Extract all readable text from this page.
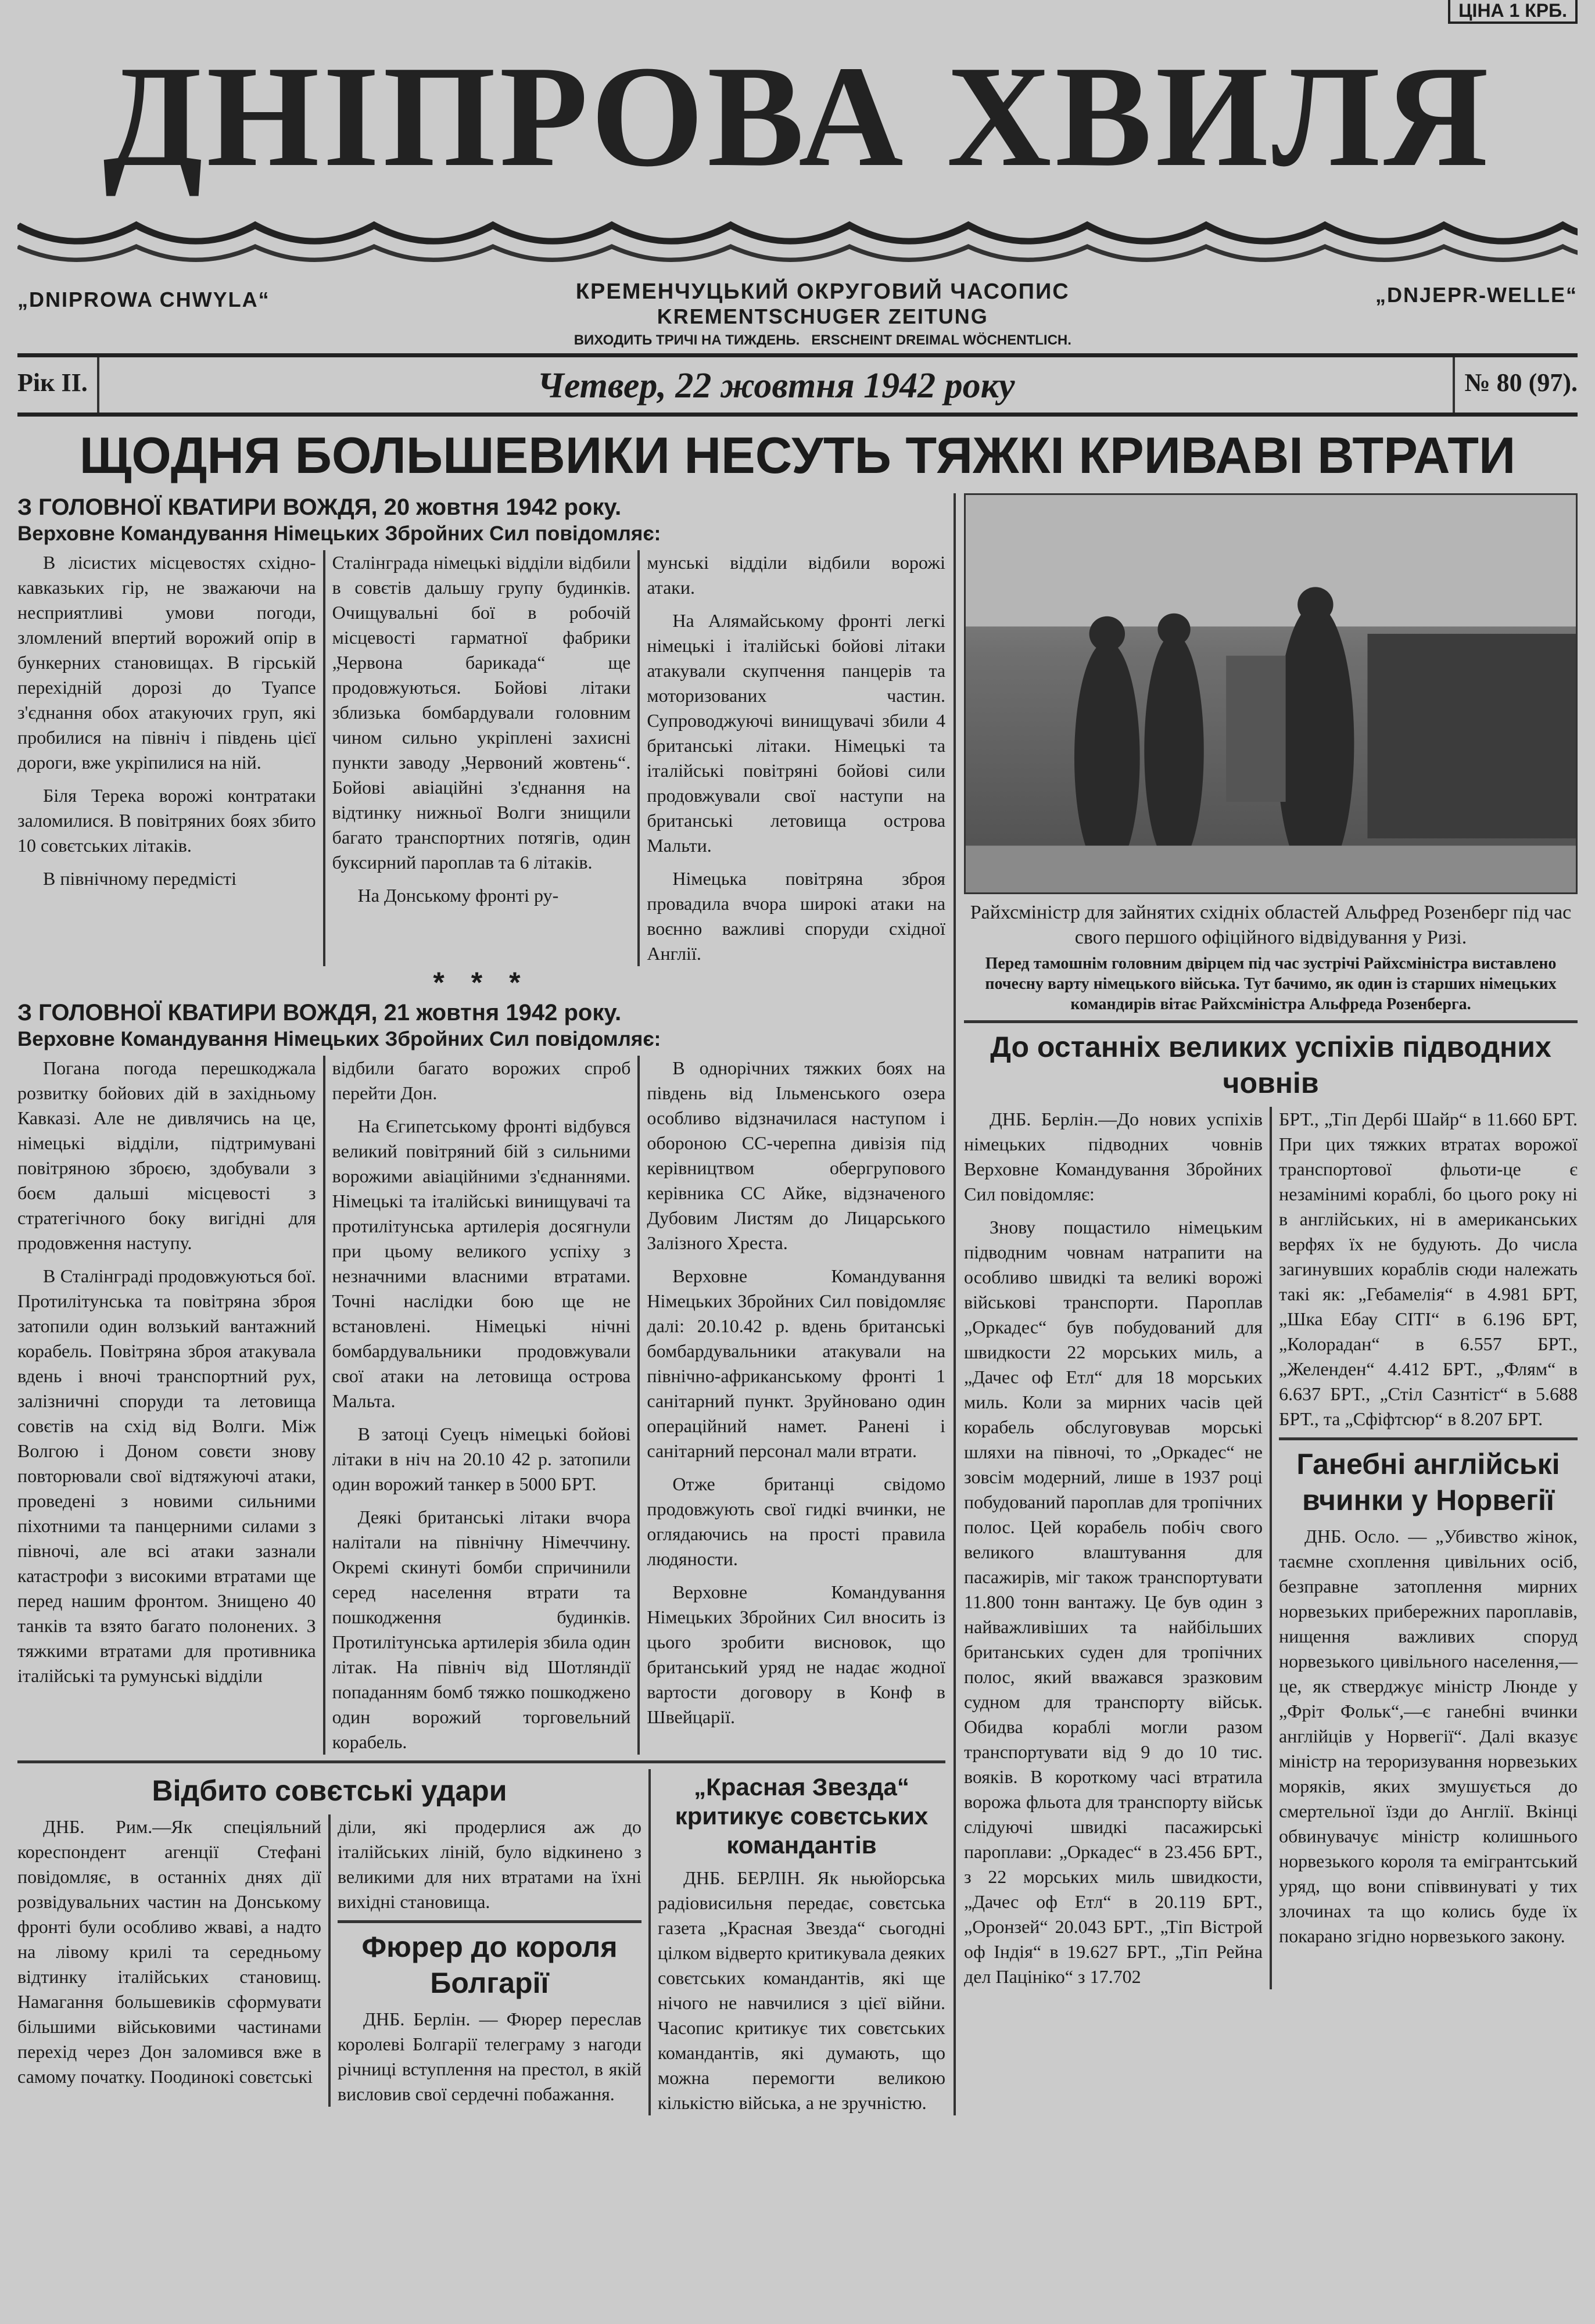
ЦІНА 1 КРБ.
ДНІПРОВА ХВИЛЯ
„DNIPROWA CHWYLA“	КРЕМЕНЧУЦЬКИЙ ОКРУГОВИЙ ЧАСОПИС
KREMENTSCHUGER ZEITUNG
ВИХОДИТЬ ТРИЧІ НА ТИЖДЕНЬ. ERSCHEINT DREIMAL WÖCHENTLICH.
„DNJEPR-WELLE“
Рік II.	Четвер, 22 жовтня 1942 року	№ 80 (97).
ЩОДНЯ БОЛЬШЕВИКИ НЕСУТЬ ТЯЖКІ КРИВАВІ ВТРАТИ
З ГОЛОВНОЇ КВАТИРИ ВОЖДЯ, 20 жовтня 1942 року.
Верховне Командування Німецьких Збройних Сил повідомляє:

В лісистих місцевостях східно-кавказьких гір, не зважаючи на несприятливі умови погоди, зломлений впертий ворожий опір в бункерних становищах. В гірській перехідній дорозі до Туапсе з'єднання обох атакуючих груп, які пробилися на північ і південь цієї дороги, вже укріпилися на ній.

Біля Терека ворожі контратаки заломилися. В повітряних боях збито 10 совєтських літаків.

В північному передмісті

Сталінграда німецькі відділи відбили в совєтів дальшу групу будинків. Очищувальні бої в робочій місцевості гарматної фабрики „Червона барикада“ ще продовжуються. Бойові літаки зблизька бомбардували головним чином сильно укріплені захисні пункти заводу „Червоний жовтень“. Бойові авіаційні з'єднання на відтинку нижньої Волги знищили багато транспортних потягів, один буксирний пароплав та 6 літаків.

На Донському фронті ру-

мунські відділи відбили ворожі атаки.

На Алямайському фронті легкі німецькі і італійські бойові літаки атакували скупчення панцерів та моторизованих частин. Супроводжуючі винищувачі збили 4 британські літаки. Німецькі та італійські повітряні бойові сили продовжували свої наступи на британські летовища острова Мальти.

Німецька повітряна зброя провадила вчора широкі атаки на воєнно важливі споруди східної Англії.

* * *
З ГОЛОВНОЇ КВАТИРИ ВОЖДЯ, 21 жовтня 1942 року.
Верховне Командування Німецьких Збройних Сил повідомляє:

Погана погода перешкоджала розвитку бойових дій в західньому Кавказі. Але не дивлячись на це, німецькі відділи, підтримувані повітряною зброєю, здобували з боєм дальші місцевості з стратегічного боку вигідні для продовження наступу.

В Сталінграді продовжуються бої. Протилітунська та повітряна зброя затопили один волзький вантажний корабель. Повітряна зброя атакувала вдень і вночі транспортний рух, залізничні споруди та летовища совєтів на схід від Волги. Між Волгою і Доном совєти знову повторювали свої відтяжуючі атаки, проведені з новими сильними піхотними та панцерними силами з півночі, але всі атаки зазнали катастрофи з високими втратами ще перед нашим фронтом. Знищено 40 танків та взято багато полонених. З тяжкими втратами для противника італійські та румунські відділи

відбили багато ворожих спроб перейти Дон.

На Єгипетському фронті відбувся великий повітряний бій з сильними ворожими авіаційними з'єднаннями. Німецькі та італійські винищувачі та протилітунська артилерія досягнули при цьому великого успіху з незначними власними втратами. Точні наслідки бою ще не встановлені. Німецькі нічні бомбардувальники продовжували свої атаки на летовища острова Мальта.

В затоці Суецъ німецькі бойові літаки в ніч на 20.10 42 р. затопили один ворожий танкер в 5000 БРТ.

Деякі британські літаки вчора налітали на північну Німеччину. Окремі скинуті бомби спричинили серед населення втрати та пошкодження будинків. Протилітунська артилерія збила один літак. На північ від Шотляндії попаданням бомб тяжко пошкоджено один ворожий торговельний корабель.

В однорічних тяжких боях на південь від Ільменського озера особливо відзначилася наступом і обороною СС-черепна дивізія під керівництвом обергрупового керівника СС Айке, відзначеного Дубовим Листям до Лицарського Залізного Хреста.

Верховне Командування Німецьких Збройних Сил повідомляє далі: 20.10.42 р. вдень британські бомбардувальники атакували на північно-африканському фронті 1 санітарний пункт. Зруйновано один операційний намет. Ранені і санітарний персонал мали втрати.

Отже британці свідомо продовжують свої гидкі вчинки, не оглядаючись на прості правила людяности.

Верховне Командування Німецьких Збройних Сил вносить із цього зробити висновок, що британський уряд не надає жодної вартости договору в Конф в Швейцарії.

Відбито совєтські удари

ДНБ. Рим.—Як спеціяльний кореспондент агенції Стефані повідомляє, в останніх днях дії розвідувальних частин на Донському фронті були особливо жваві, а надто на лівому крилі та середньому відтинку італійських становищ. Намагання большевиків сформувати більшими військовими частинами перехід через Дон заломився вже в самому початку. Поодинокі совєтські

діли, які продерлися аж до італійських ліній, було відкинено з великими для них втратами на їхні вихідні становища.

Фюрер до короля Болгарії

ДНБ. Берлін. — Фюрер переслав королеві Болгарії телеграму з нагоди річниці вступлення на престол, в якій висловив свої сердечні побажання.

„Красная Звезда“ критикує совєтських командантів

ДНБ. БЕРЛІН. Як ньюйорська радіовисильня передає, совєтська газета „Красная Звезда“ сьогодні цілком відверто критикувала деяких совєтських командантів, які ще нічого не навчилися з цієї війни. Часопис критикує тих совєтських командантів, які думають, що можна перемогти великою кількістю війська, а не зручністю.

Райхсміністр для зайнятих східніх областей Альфред Розенберг під час свого першого офіційного відвідування у Ризі.
Перед тамошнім головним двірцем під час зустрічі Райхсміністра виставлено почесну варту німецького війська. Тут бачимо, як один із старших німецьких командирів вітає Райхсміністра Альфреда Розенберга.
До останніх великих успіхів підводних човнів

ДНБ. Берлін.—До нових успіхів німецьких підводних човнів Верховне Командування Збройних Сил повідомляє:

Знову пощастило німецьким підводним човнам натрапити на особливо швидкі та великі ворожі військові транспорти. Пароплав „Оркадес“ був побудований для швидкости 22 морських миль, а „Дачес оф Етл“ для 18 морських миль. Коли за мирних часів цей корабель обслуговував морські шляхи на півночі, то „Оркадес“ не зовсім модерний, лише в 1937 році побудований пароплав для тропічних полос. Цей корабель побіч свого великого влаштування для пасажирів, міг також транспортувати 11.800 тонн вантажу. Це був один з найважливіших та найбільших британських суден для тропічних полос, який вважався зразковим судном для транспорту військ. Обидва кораблі могли разом транспортувати від 9 до 10 тис. вояків. В короткому часі втратила ворожа фльота для транспорту військ слідуючі швидкі пасажирські пароплави: „Оркадес“ в 23.456 БРТ., з 22 морських миль швидкости, „Дачес оф Етл“ в 20.119 БРТ., „Оронзей“ 20.043 БРТ., „Тіп Вістрой оф Індія“ в 19.627 БРТ., „Тіп Рейна дел Пацініко“ з 17.702

БРТ., „Тіп Дербі Шайр“ в 11.660 БРТ. При цих тяжких втратах ворожої транспортової фльоти-це є незамінимі кораблі, бо цього року ні в англійських, ні в американських верфях їх не будують. До числа загинувших кораблів сюди належать такі як: „Гебамелія“ в 4.981 БРТ, „Шка Ебау СІТІ“ в 6.196 БРТ, „Колорадан“ в 6.557 БРТ., „Желенден“ 4.412 БРТ., „Флям“ в 6.637 БРТ., „Стіл Сазнтіст“ в 5.688 БРТ., та „Сфіфтсюр“ в 8.207 БРТ.

Ганебні англійські вчинки у Норвегії

ДНБ. Осло. — „Убивство жінок, таємне схоплення цивільних осіб, безправне затоплення мирних норвезьких прибережних пароплавів, нищення важливих споруд норвезького цивільного населення,—це, як стверджує міністр Люнде у „Фріт Фольк“,—є ганебні вчинки англійців у Норвегії“. Далі вказує міністр на тероризування норвезьких моряків, яких змушується до смертельної їзди до Англії. Вкінці обвинувачує міністр колишнього норвезького короля та емігрантський уряд, що вони співвинуваті у тих злочинах та що колись буде їх покарано згідно норвезького закону.
